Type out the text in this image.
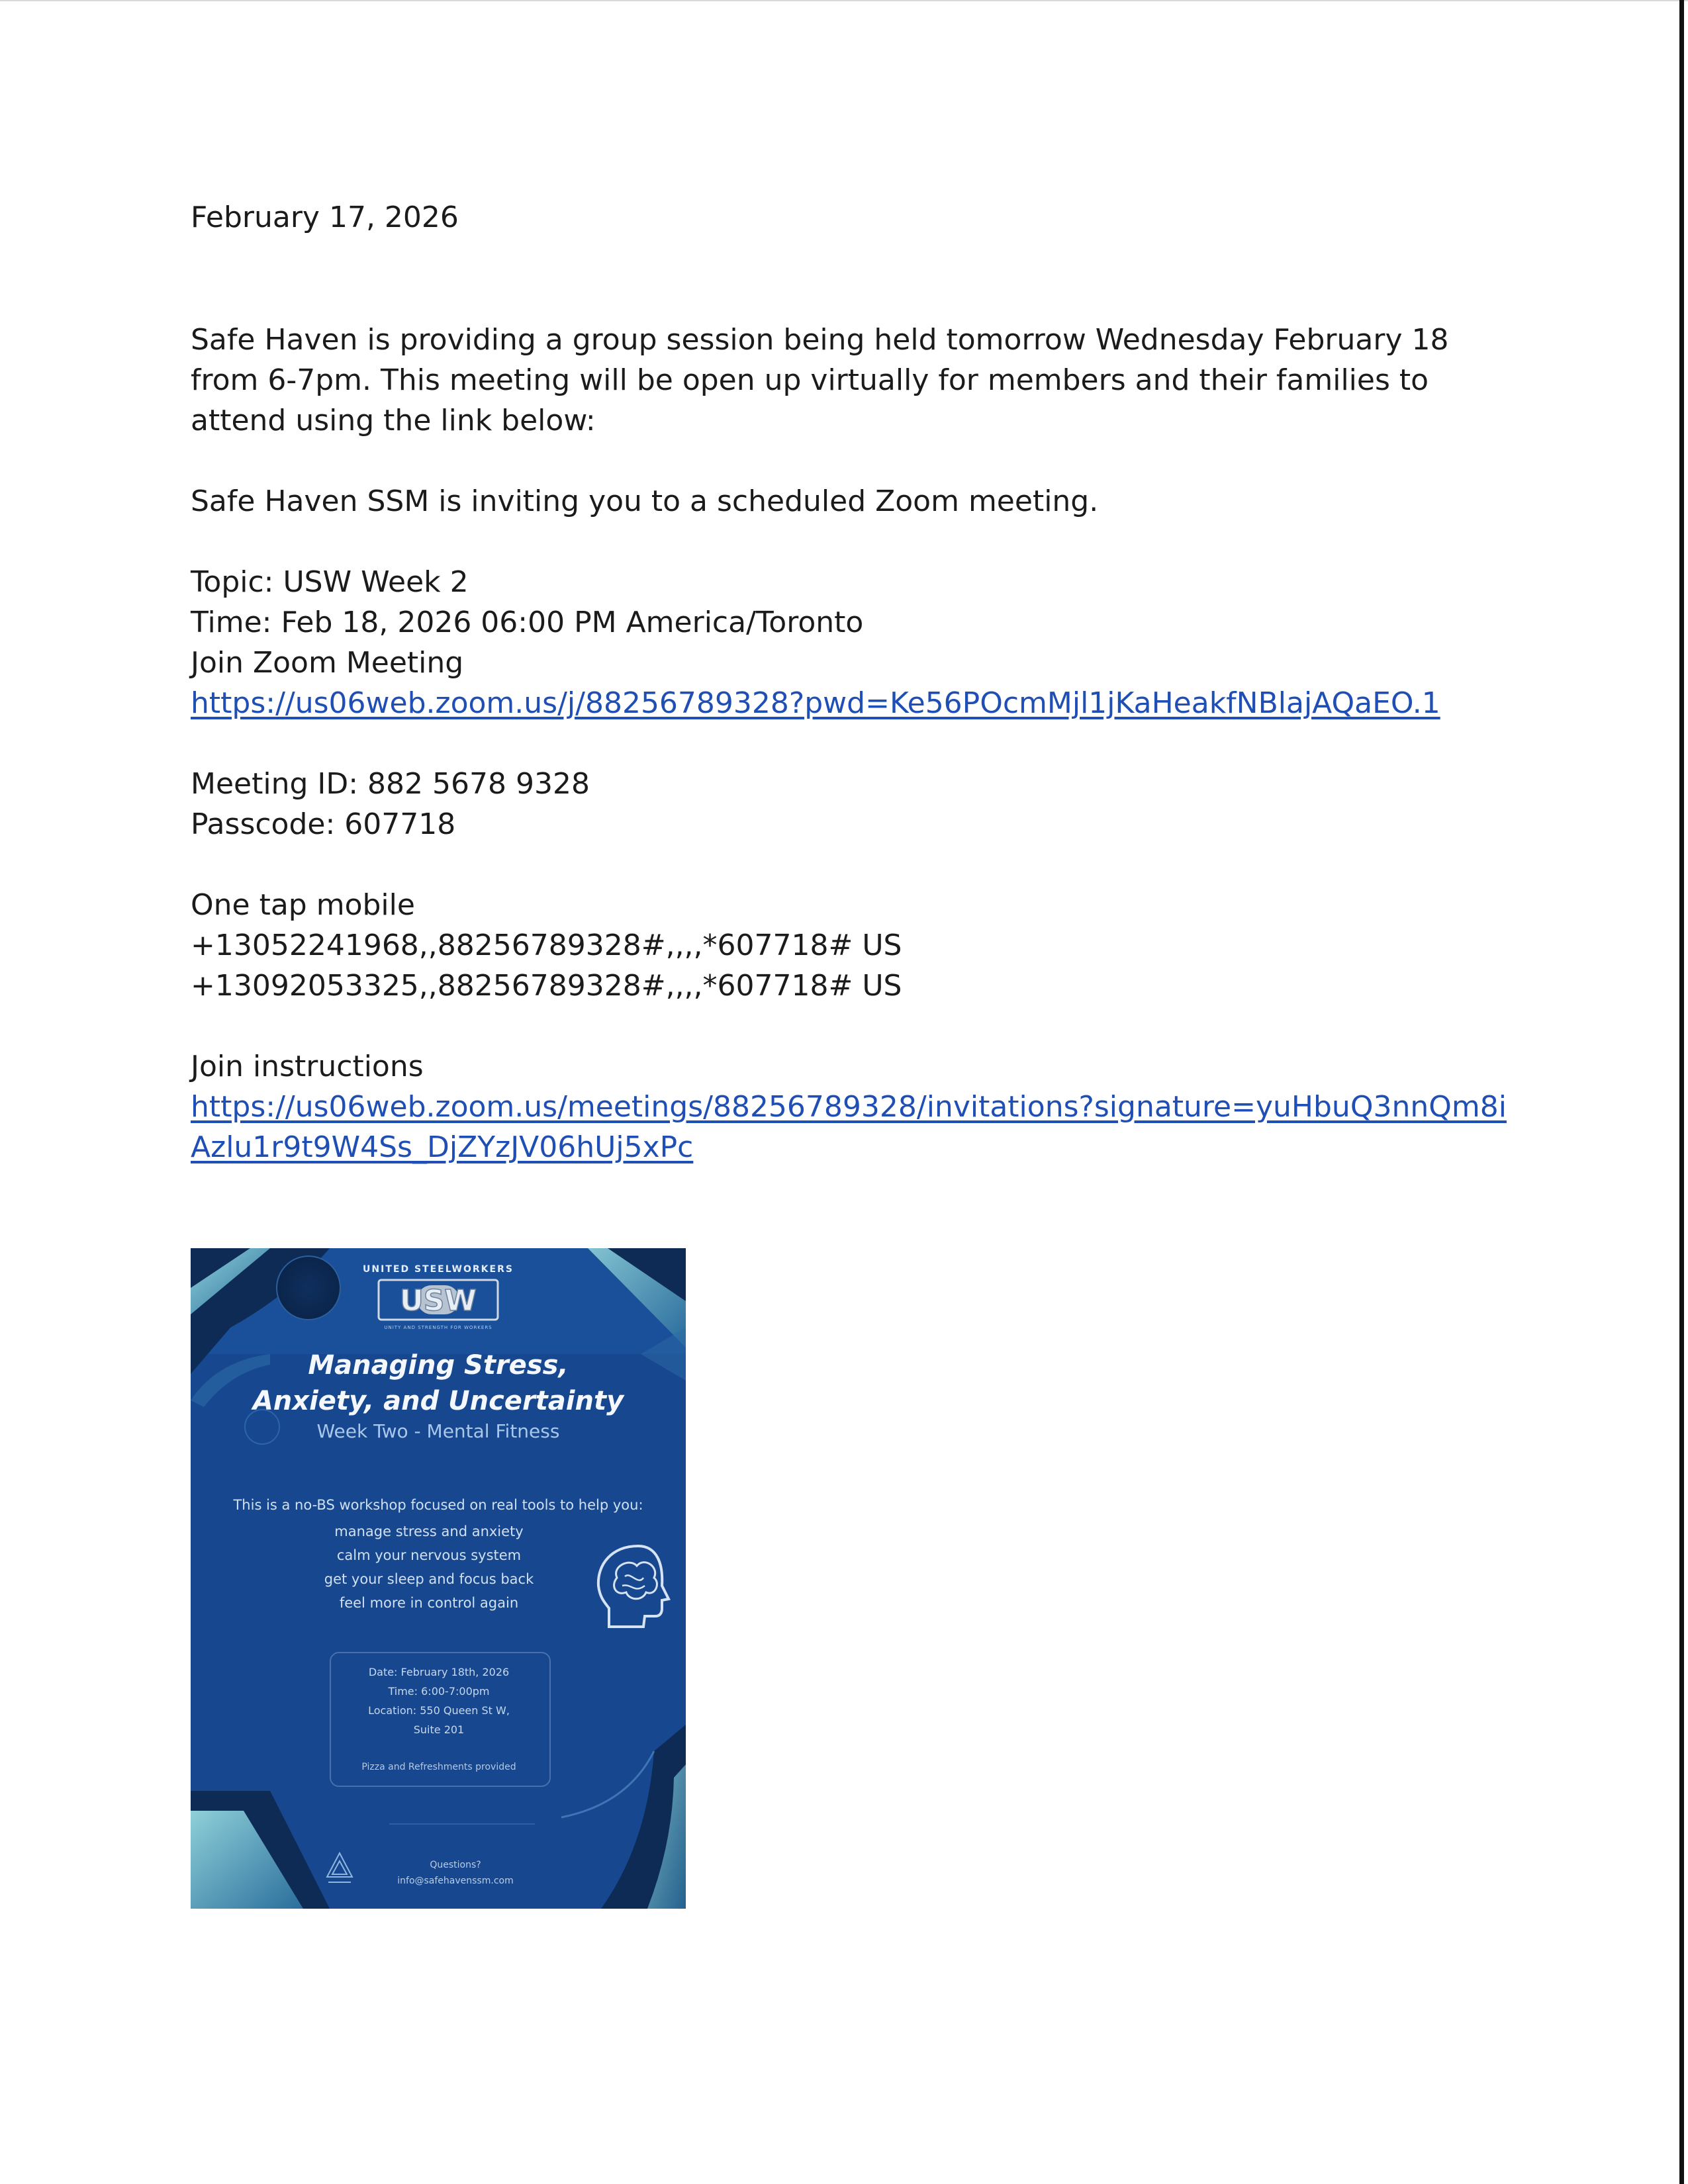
February 17, 2026

Safe Haven is providing a group session being held tomorrow Wednesday February 18 from 6-7pm. This meeting will be open up virtually for members and their families to attend using the link below:

Safe Haven SSM is inviting you to a scheduled Zoom meeting.

Topic: USW Week 2

Time: Feb 18, 2026 06:00 PM America/Toronto

Join Zoom Meeting

https://us06web.zoom.us/j/88256789328?pwd=Ke56POcmMjl1jKaHeakfNBlajAQaEO.1

Meeting ID: 882 5678 9328

Passcode: 607718

One tap mobile

+13052241968,,88256789328#,,,,*607718# US

+13092053325,,88256789328#,,,,*607718# US

Join instructions

https://us06web.zoom.us/meetings/88256789328/invitations?signature=yuHbuQ3nnQm8iAzlu1r9t9W4Ss_DjZYzJV06hUj5xPc

UNITED STEELWORKERS
USW
UNITY AND STRENGTH FOR WORKERS
Managing Stress,
Anxiety, and Uncertainty
Week Two - Mental Fitness
This is a no-BS workshop focused on real tools to help you:
manage stress and anxiety
calm your nervous system
get your sleep and focus back
feel more in control again
Date: February 18th, 2026
Time: 6:00-7:00pm
Location: 550 Queen St W,
Suite 201
Pizza and Refreshments provided
Questions?
info@safehavenssm.com
